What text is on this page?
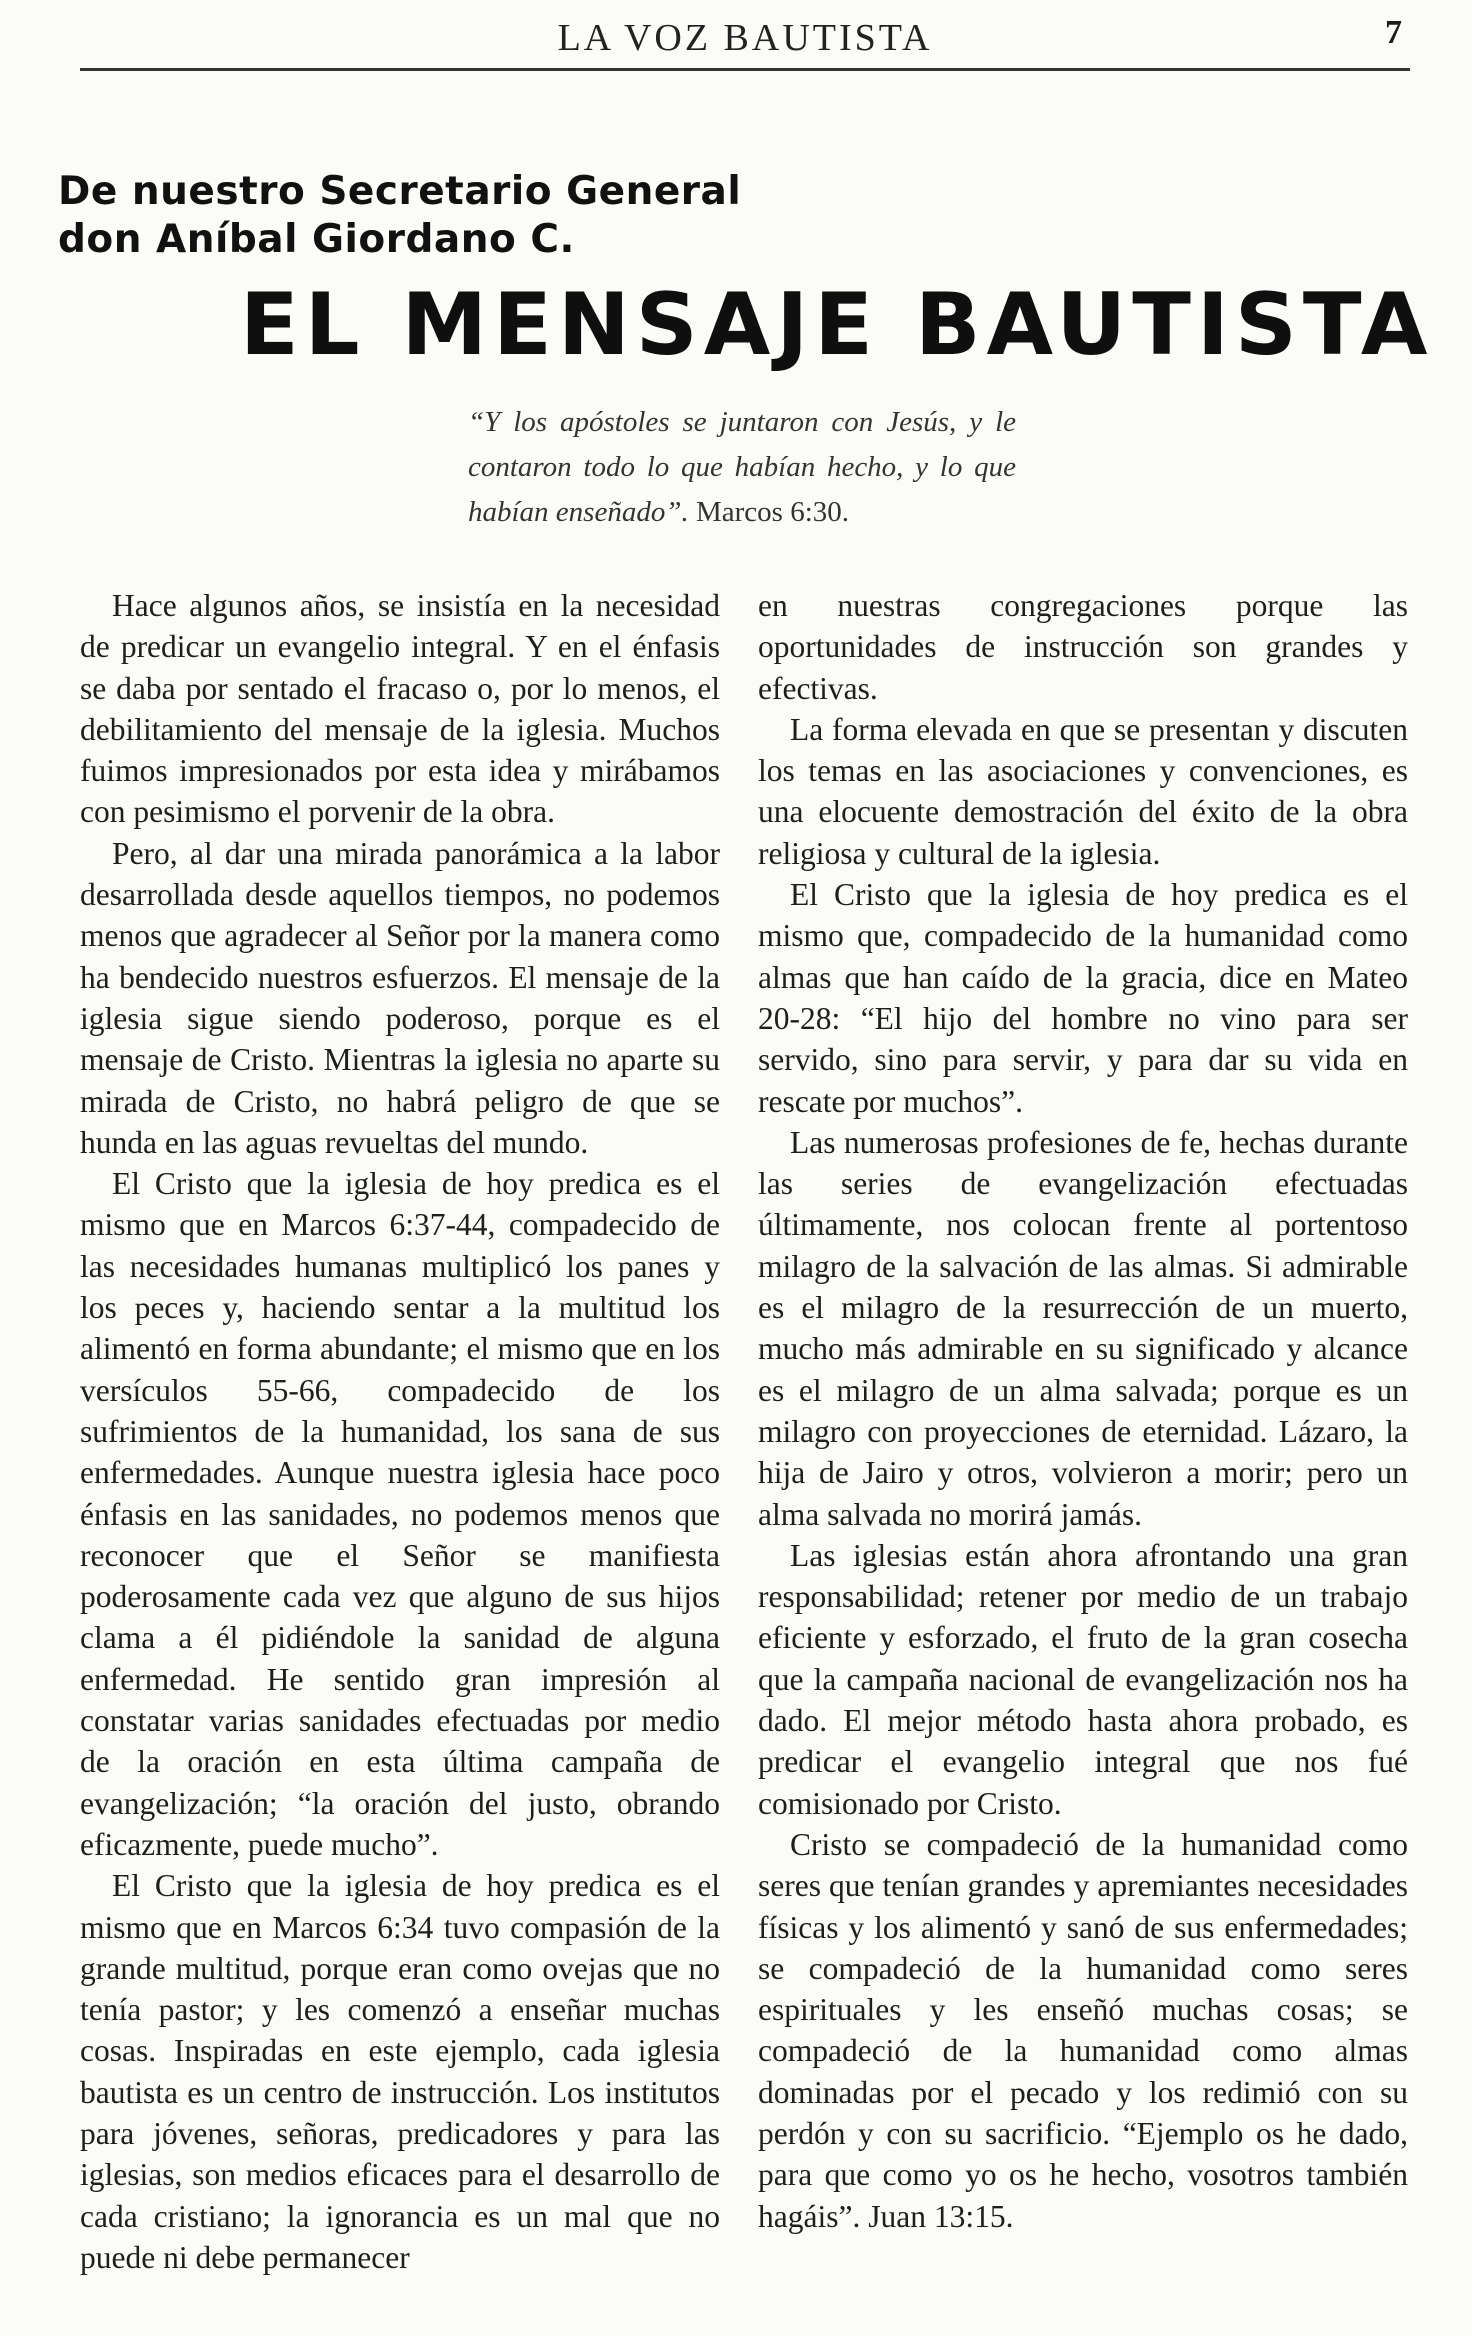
LA VOZ BAUTISTA	7
De nuestro Secretario General
don Aníbal Giordano C.
EL MENSAJE BAUTISTA
“Y los apóstoles se juntaron con Jesús, y le contaron todo lo que habían hecho, y lo que habían enseñado”. Marcos 6:30.

Hace algunos años, se insistía en la necesidad de predicar un evangelio integral. Y en el énfasis se daba por sentado el fracaso o, por lo menos, el debilitamiento del mensaje de la iglesia. Muchos fuimos impresionados por esta idea y mirábamos con pesimismo el porvenir de la obra.

Pero, al dar una mirada panorámica a la labor desarrollada desde aquellos tiempos, no podemos menos que agradecer al Señor por la manera como ha bendecido nuestros esfuerzos. El mensaje de la iglesia sigue siendo poderoso, porque es el mensaje de Cristo. Mientras la iglesia no aparte su mirada de Cristo, no habrá peligro de que se hunda en las aguas revueltas del mundo.

El Cristo que la iglesia de hoy predica es el mismo que en Marcos 6:37-44, compadecido de las necesidades humanas multiplicó los panes y los peces y, haciendo sentar a la multitud los alimentó en forma abundante; el mismo que en los versículos 55-66, compadecido de los sufrimientos de la humanidad, los sana de sus enfermedades. Aunque nuestra iglesia hace poco énfasis en las sanidades, no podemos menos que reconocer que el Señor se manifiesta poderosamente cada vez que alguno de sus hijos clama a él pidiéndole la sanidad de alguna enfermedad. He sentido gran impresión al constatar varias sanidades efectuadas por medio de la oración en esta última campaña de evangelización; “la oración del justo, obrando eficazmente, puede mucho”.

El Cristo que la iglesia de hoy predica es el mismo que en Marcos 6:34 tuvo compasión de la grande multitud, porque eran como ovejas que no tenía pastor; y les comenzó a enseñar muchas cosas. Inspiradas en este ejemplo, cada iglesia bautista es un centro de instrucción. Los institutos para jóvenes, señoras, predicadores y para las iglesias, son medios eficaces para el desarrollo de cada cristiano; la ignorancia es un mal que no puede ni debe permanecer

en nuestras congregaciones porque las oportunidades de instrucción son grandes y efectivas.

La forma elevada en que se presentan y discuten los temas en las asociaciones y convenciones, es una elocuente demostración del éxito de la obra religiosa y cultural de la iglesia.

El Cristo que la iglesia de hoy predica es el mismo que, compadecido de la humanidad como almas que han caído de la gracia, dice en Mateo 20-28: “El hijo del hombre no vino para ser servido, sino para servir, y para dar su vida en rescate por muchos”.

Las numerosas profesiones de fe, hechas durante las series de evangelización efectuadas últimamente, nos colocan frente al portentoso milagro de la salvación de las almas. Si admirable es el milagro de la resurrección de un muerto, mucho más admirable en su significado y alcance es el milagro de un alma salvada; porque es un milagro con proyecciones de eternidad. Lázaro, la hija de Jairo y otros, volvieron a morir; pero un alma salvada no morirá jamás.

Las iglesias están ahora afrontando una gran responsabilidad; retener por medio de un trabajo eficiente y esforzado, el fruto de la gran cosecha que la campaña nacional de evangelización nos ha dado. El mejor método hasta ahora probado, es predicar el evangelio integral que nos fué comisionado por Cristo.

Cristo se compadeció de la humanidad como seres que tenían grandes y apremiantes necesidades físicas y los alimentó y sanó de sus enfermedades; se compadeció de la humanidad como seres espirituales y les enseñó muchas cosas; se compadeció de la humanidad como almas dominadas por el pecado y los redimió con su perdón y con su sacrificio. “Ejemplo os he dado, para que como yo os he hecho, vosotros también hagáis”. Juan 13:15.
